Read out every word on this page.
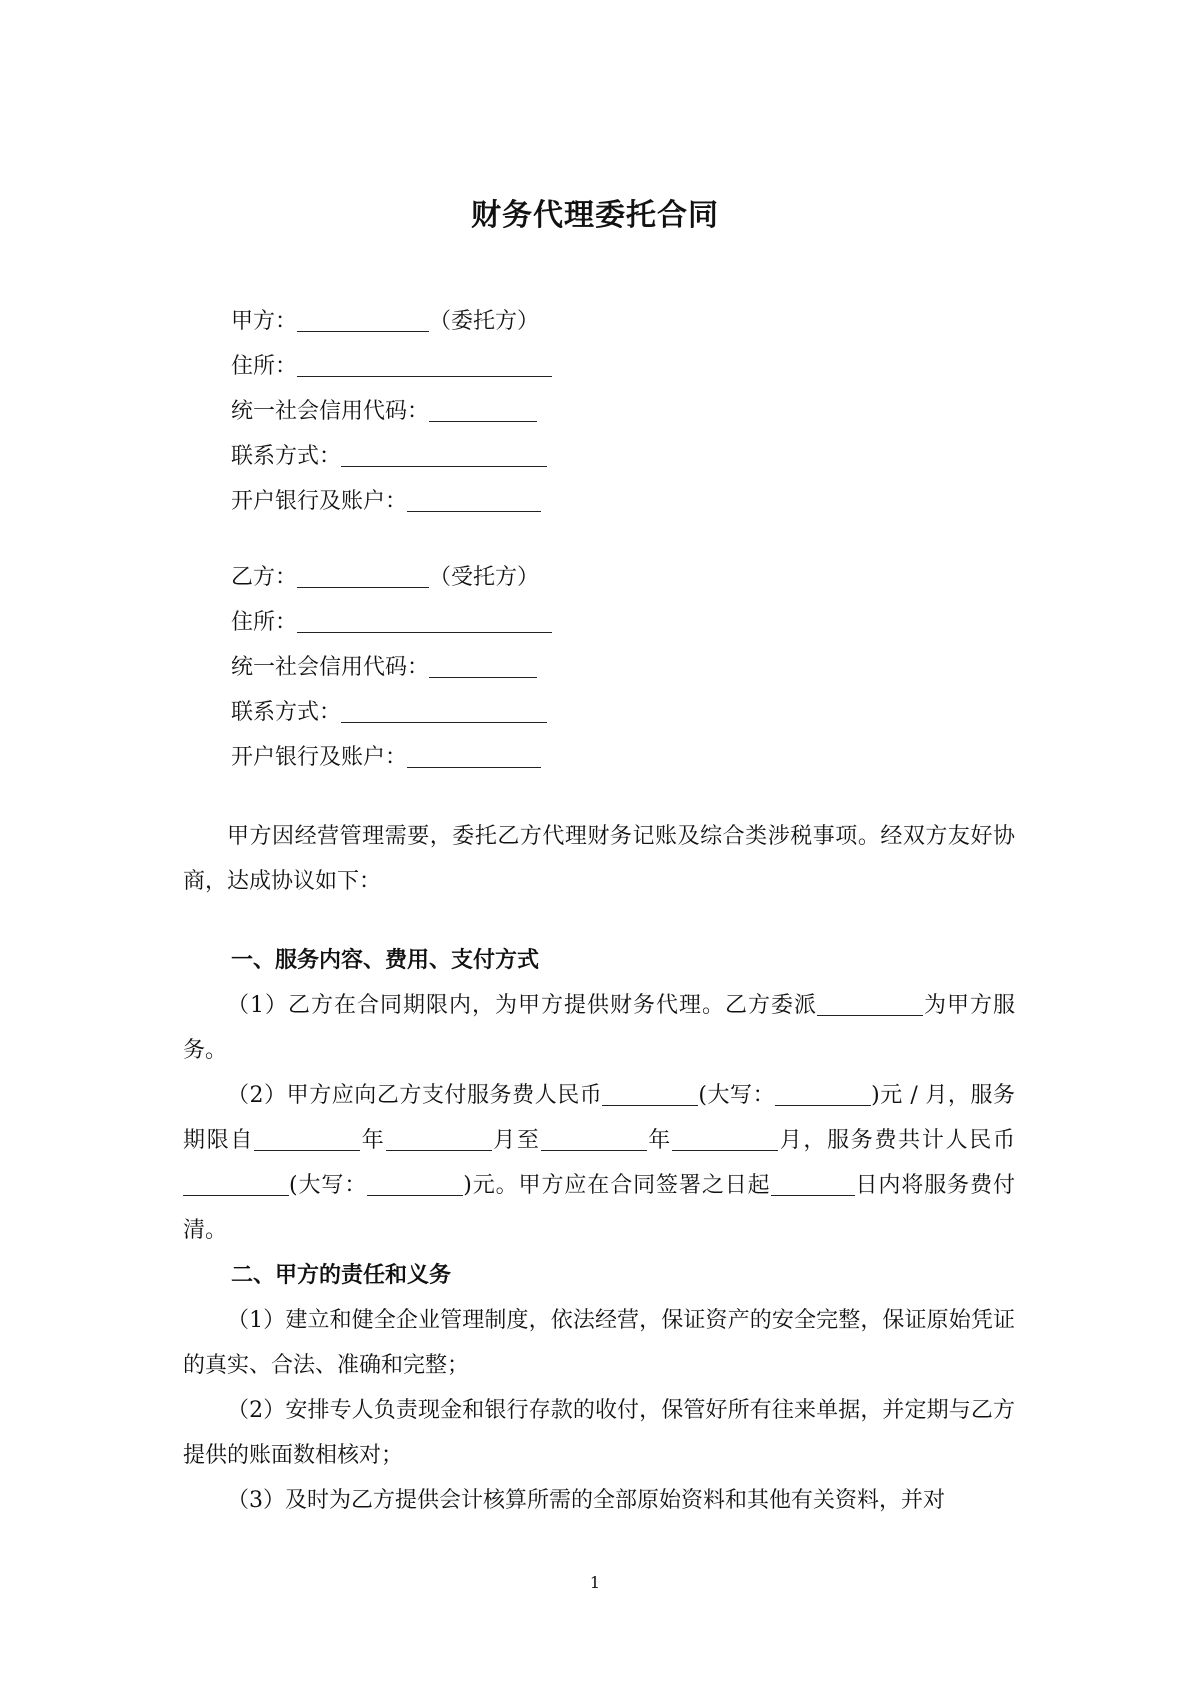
财务代理委托合同
甲方：	（委托方）
住所：
统一社会信用代码：
联系方式：
开户银行及账户：
乙方：	（受托方）
住所：
统一社会信用代码：
联系方式：
开户银行及账户：

甲方因经营管理需要，委托乙方代理财务记账及综合类涉税事项。经双方友好协商，达成协议如下：

一、服务内容、费用、支付方式

（1）乙方在合同期限内，为甲方提供财务代理。乙方委派	为甲方服务。

（2）甲方应向乙方支付服务费人民币	(大写：	)元 / 月，服务期限自	年	月至	年	月，服务费共计人民币(大写：	)元。甲方应在合同签署之日起	日内将服务费付清。

二、甲方的责任和义务

（1）建立和健全企业管理制度，依法经营，保证资产的安全完整，保证原始凭证的真实、合法、准确和完整；

（2）安排专人负责现金和银行存款的收付，保管好所有往来单据，并定期与乙方提供的账面数相核对；

（3）及时为乙方提供会计核算所需的全部原始资料和其他有关资料，并对

1
